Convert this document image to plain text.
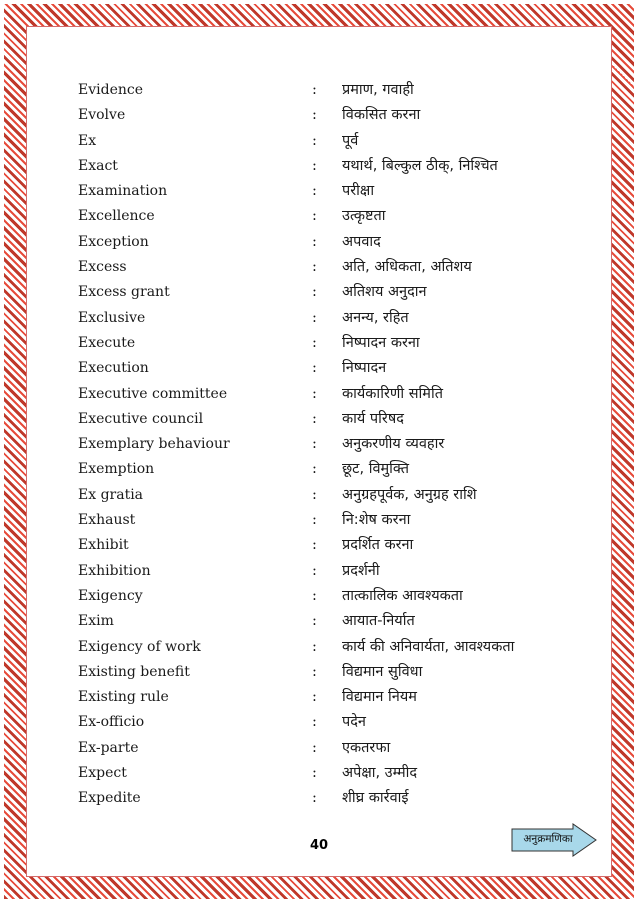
Evidence	: प्रमाण, गवाही
Evolve	: विकसित करना
Ex	: पूर्व
Exact	: यथार्थ, बिल्कुल ठीक्, निश्चित
Examination	: परीक्षा
Excellence	: उत्कृष्टता
Exception	: अपवाद
Excess	: अति, अधिकता, अतिशय
Excess grant	: अतिशय अनुदान
Exclusive	: अनन्य, रहित
Execute	: निष्पादन करना
Execution	: निष्पादन
Executive committee	: कार्यकारिणी समिति
Executive council	: कार्य परिषद
Exemplary behaviour	: अनुकरणीय व्यवहार
Exemption	: छूट, विमुक्ति
Ex gratia	: अनुग्रहपूर्वक, अनुग्रह राशि
Exhaust	: नि:शेष करना
Exhibit	: प्रदर्शित करना
Exhibition	: प्रदर्शनी
Exigency	: तात्कालिक आवश्यकता
Exim	: आयात-निर्यात
Exigency of work	: कार्य की अनिवार्यता, आवश्यकता
Existing benefit	: विद्यमान सुविधा
Existing rule	: विद्यमान नियम
Ex-officio	: पदेन
Ex-parte	: एकतरफा
Expect	: अपेक्षा, उम्मीद
Expedite	: शीघ्र कार्रवाई
40	अनुक्रमणिका
